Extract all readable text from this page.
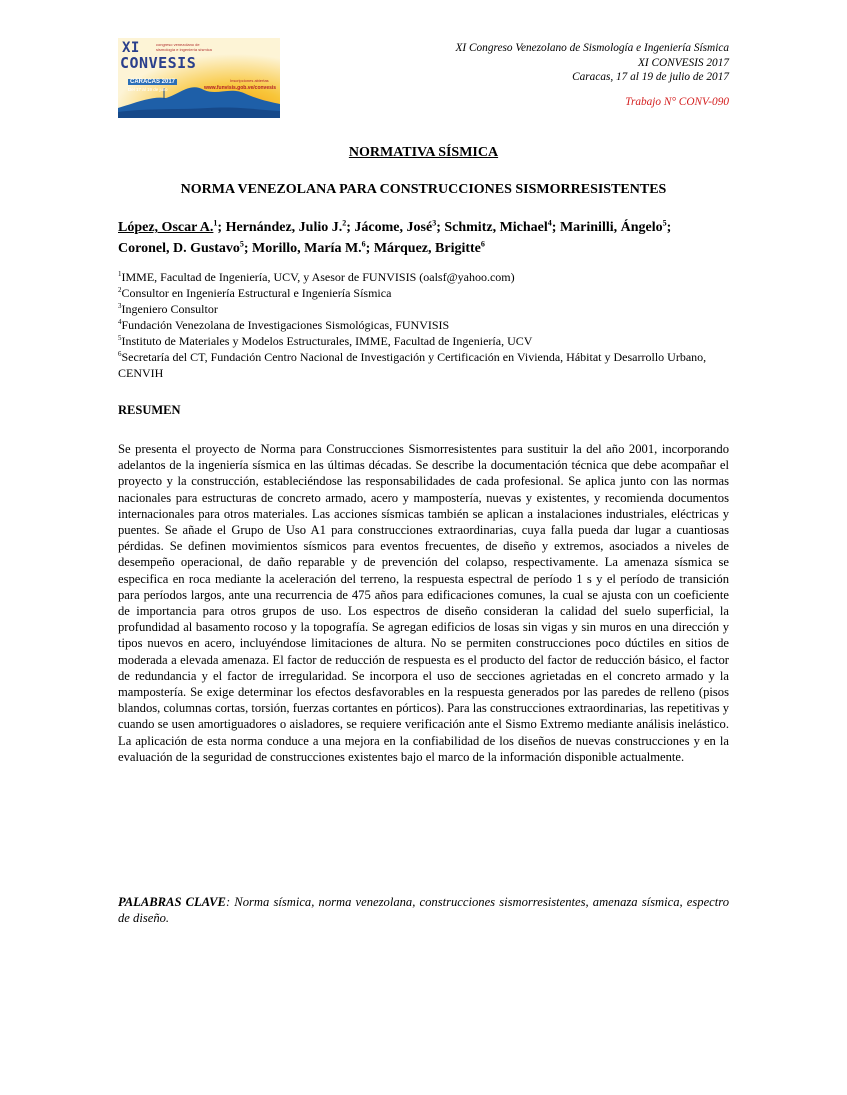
XI
CONVESIS
congreso venezolano de sismología e ingeniería sísmica
CARACAS 2017
Del 17 al 19 de julio
Inscripciones abiertas
www.funvisis.gob.ve/convesis
XI Congreso Venezolano de Sismología e Ingeniería Sísmica
XI CONVESIS 2017
Caracas, 17 al 19 de julio de 2017
Trabajo N° CONV-090
NORMATIVA SÍSMICA
NORMA VENEZOLANA PARA CONSTRUCCIONES SISMORRESISTENTES
López, Oscar A.$^1$; Hernández, Julio J.$^2$; Jácome, José$^3$; Schmitz, Michael$^4$; Marinilli, Ángelo$^5$;
Coronel, D. Gustavo$^5$; Morillo, María M.$^6$; Márquez, Brigitte$^6$
$^1$IMME, Facultad de Ingeniería, UCV, y Asesor de FUNVISIS (oalsf@yahoo.com)
$^2$Consultor en Ingeniería Estructural e Ingeniería Sísmica
$^3$Ingeniero Consultor
$^4$Fundación Venezolana de Investigaciones Sismológicas, FUNVISIS
$^5$Instituto de Materiales y Modelos Estructurales, IMME, Facultad de Ingeniería, UCV
$^6$Secretaría del CT, Fundación Centro Nacional de Investigación y Certificación en Vivienda, Hábitat y Desarrollo Urbano, CENVIH
RESUMEN
Se presenta el proyecto de Norma para Construcciones Sismorresistentes para sustituir la del año 2001, incorporando adelantos de la ingeniería sísmica en las últimas décadas. Se describe la documentación técnica que debe acompañar el proyecto y la construcción, estableciéndose las responsabilidades de cada profesional. Se aplica junto con las normas nacionales para estructuras de concreto armado, acero y mampostería, nuevas y existentes, y recomienda documentos internacionales para otros materiales. Las acciones sísmicas también se aplican a instalaciones industriales, eléctricas y puentes. Se añade el Grupo de Uso A1 para construcciones extraordinarias, cuya falla pueda dar lugar a cuantiosas pérdidas. Se definen movimientos sísmicos para eventos frecuentes, de diseño y extremos, asociados a niveles de desempeño operacional, de daño reparable y de prevención del colapso, respectivamente. La amenaza sísmica se especifica en roca mediante la aceleración del terreno, la respuesta espectral de período 1 s y el período de transición para períodos largos, ante una recurrencia de 475 años para edificaciones comunes, la cual se ajusta con un coeficiente de importancia para otros grupos de uso. Los espectros de diseño consideran la calidad del suelo superficial, la profundidad al basamento rocoso y la topografía. Se agregan edificios de losas sin vigas y sin muros en una dirección y tipos nuevos en acero, incluyéndose limitaciones de altura. No se permiten construcciones poco dúctiles en sitios de moderada a elevada amenaza. El factor de reducción de respuesta es el producto del factor de reducción básico, el factor de redundancia y el factor de irregularidad. Se incorpora el uso de secciones agrietadas en el concreto armado y la mampostería. Se exige determinar los efectos desfavorables en la respuesta generados por las paredes de relleno (pisos blandos, columnas cortas, torsión, fuerzas cortantes en pórticos). Para las construcciones extraordinarias, las repetitivas y cuando se usen amortiguadores o aisladores, se requiere verificación ante el Sismo Extremo mediante análisis inelástico. La aplicación de esta norma conduce a una mejora en la confiabilidad de los diseños de nuevas construcciones y en la evaluación de la seguridad de construcciones existentes bajo el marco de la información disponible actualmente.
PALABRAS CLAVE: Norma sísmica, norma venezolana, construcciones sismorresistentes, amenaza sísmica, espectro de diseño.
